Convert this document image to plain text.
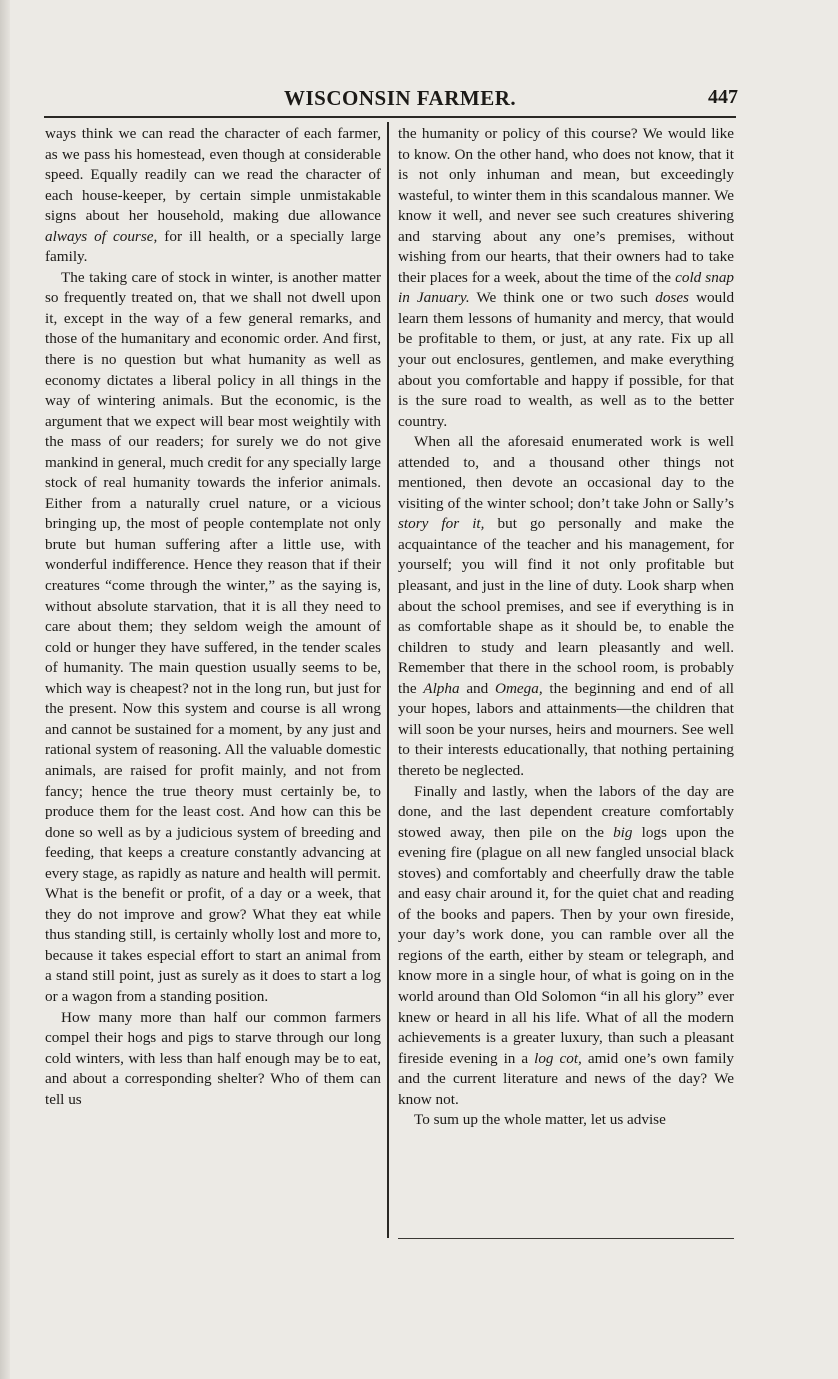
WISCONSIN FARMER.	447

ways think we can read the character of each farmer, as we pass his homestead, even though at considerable speed. Equally readily can we read the character of each house-keeper, by certain simple unmistakable signs about her household, making due allowance always of course, for ill health, or a specially large family.

The taking care of stock in winter, is another matter so frequently treated on, that we shall not dwell upon it, except in the way of a few general remarks, and those of the humanitary and economic order. And first, there is no question but what humanity as well as economy dictates a liberal policy in all things in the way of wintering animals. But the economic, is the argument that we expect will bear most weightily with the mass of our readers; for surely we do not give mankind in general, much credit for any specially large stock of real humanity towards the inferior animals. Either from a naturally cruel nature, or a vicious bringing up, the most of people contemplate not only brute but human suffering after a little use, with wonderful indifference. Hence they reason that if their creatures “come through the winter,” as the saying is, without absolute starvation, that it is all they need to care about them; they seldom weigh the amount of cold or hunger they have suffered, in the tender scales of humanity. The main question usually seems to be, which way is cheapest? not in the long run, but just for the present. Now this system and course is all wrong and cannot be sustained for a moment, by any just and rational system of reasoning. All the valuable domestic animals, are raised for profit mainly, and not from fancy; hence the true theory must certainly be, to produce them for the least cost. And how can this be done so well as by a judicious system of breeding and feeding, that keeps a creature constantly advancing at every stage, as rapidly as nature and health will permit. What is the benefit or profit, of a day or a week, that they do not improve and grow? What they eat while thus standing still, is certainly wholly lost and more to, because it takes especial effort to start an animal from a stand still point, just as surely as it does to start a log or a wagon from a standing position.

How many more than half our common farmers compel their hogs and pigs to starve through our long cold winters, with less than half enough may be to eat, and about a corresponding shelter? Who of them can tell us

the humanity or policy of this course? We would like to know. On the other hand, who does not know, that it is not only inhuman and mean, but exceedingly wasteful, to winter them in this scandalous manner. We know it well, and never see such creatures shivering and starving about any one’s premises, without wishing from our hearts, that their owners had to take their places for a week, about the time of the cold snap in January. We think one or two such doses would learn them lessons of humanity and mercy, that would be profitable to them, or just, at any rate. Fix up all your out enclosures, gentlemen, and make everything about you comfortable and happy if possible, for that is the sure road to wealth, as well as to the better country.

When all the aforesaid enumerated work is well attended to, and a thousand other things not mentioned, then devote an occasional day to the visiting of the winter school; don’t take John or Sally’s story for it, but go personally and make the acquaintance of the teacher and his management, for yourself; you will find it not only profitable but pleasant, and just in the line of duty. Look sharp when about the school premises, and see if everything is in as comfortable shape as it should be, to enable the children to study and learn pleasantly and well. Remember that there in the school room, is probably the Alpha and Omega, the beginning and end of all your hopes, labors and attainments—the children that will soon be your nurses, heirs and mourners. See well to their interests educationally, that nothing pertaining thereto be neglected.

Finally and lastly, when the labors of the day are done, and the last dependent creature comfortably stowed away, then pile on the big logs upon the evening fire (plague on all new fangled unsocial black stoves) and comfortably and cheerfully draw the table and easy chair around it, for the quiet chat and reading of the books and papers. Then by your own fireside, your day’s work done, you can ramble over all the regions of the earth, either by steam or telegraph, and know more in a single hour, of what is going on in the world around than Old Solomon “in all his glory” ever knew or heard in all his life. What of all the modern achievements is a greater luxury, than such a pleasant fireside evening in a log cot, amid one’s own family and the current literature and news of the day? We know not.

To sum up the whole matter, let us advise
